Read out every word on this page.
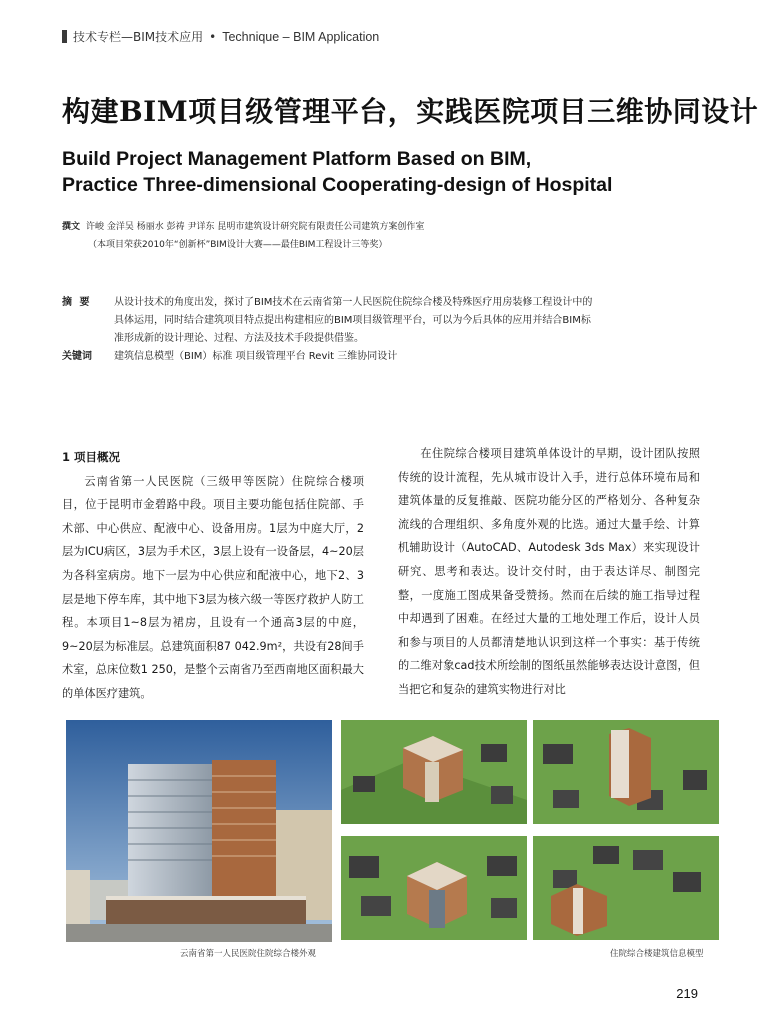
技术专栏—BIM技术应用 • Technique – BIM Application
构建BIM项目级管理平台，实践医院项目三维协同设计
Build Project Management Platform Based on BIM,
Practice Three-dimensional Cooperating-design of Hospital
撰文 许峻 金洋吴 杨丽水 彭祷 尹详东 昆明市建筑设计研究院有限责任公司建筑方案创作室
（本项目荣获2010年“创新杯”BIM设计大赛——最佳BIM工程设计三等奖）
摘 要	从设计技术的角度出发，探讨了BIM技术在云南省第一人民医院住院综合楼及特殊医疗用房装修工程设计中的
具体运用，同时结合建筑项目特点提出构建相应的BIM项目级管理平台，可以为今后具体的应用并结合BIM标
准形成新的设计理论、过程、方法及技术手段提供借鉴。
关键词	建筑信息模型（BIM）标准 项目级管理平台 Revit 三维协同设计

1 项目概况

云南省第一人民医院（三级甲等医院）住院综合楼项目，位于昆明市金碧路中段。项目主要功能包括住院部、手术部、中心供应、配液中心、设备用房。1层为中庭大厅，2层为ICU病区，3层为手术区，3层上设有一设备层，4~20层为各科室病房。地下一层为中心供应和配液中心，地下2、3层是地下停车库，其中地下3层为核六级一等医疗救护人防工程。本项目1~8层为裙房，且设有一个通高3层的中庭，9~20层为标准层。总建筑面积87 042.9m²，共设有28间手术室，总床位数1 250，是整个云南省乃至西南地区面积最大的单体医疗建筑。

在住院综合楼项目建筑单体设计的早期，设计团队按照传统的设计流程，先从城市设计入手，进行总体环境布局和建筑体量的反复推敲、医院功能分区的严格划分、各种复杂流线的合理组织、多角度外观的比选。通过大量手绘、计算机辅助设计（AutoCAD、Autodesk 3ds Max）来实现设计研究、思考和表达。设计交付时，由于表达详尽、制图完整，一度施工图成果备受赞扬。然而在后续的施工指导过程中却遇到了困难。在经过大量的工地处理工作后，设计人员和参与项目的人员都清楚地认识到这样一个事实：基于传统的二维对象cad技术所绘制的图纸虽然能够表达设计意图，但当把它和复杂的建筑实物进行对比

云南省第一人民医院住院综合楼外观	住院综合楼建筑信息模型
219
